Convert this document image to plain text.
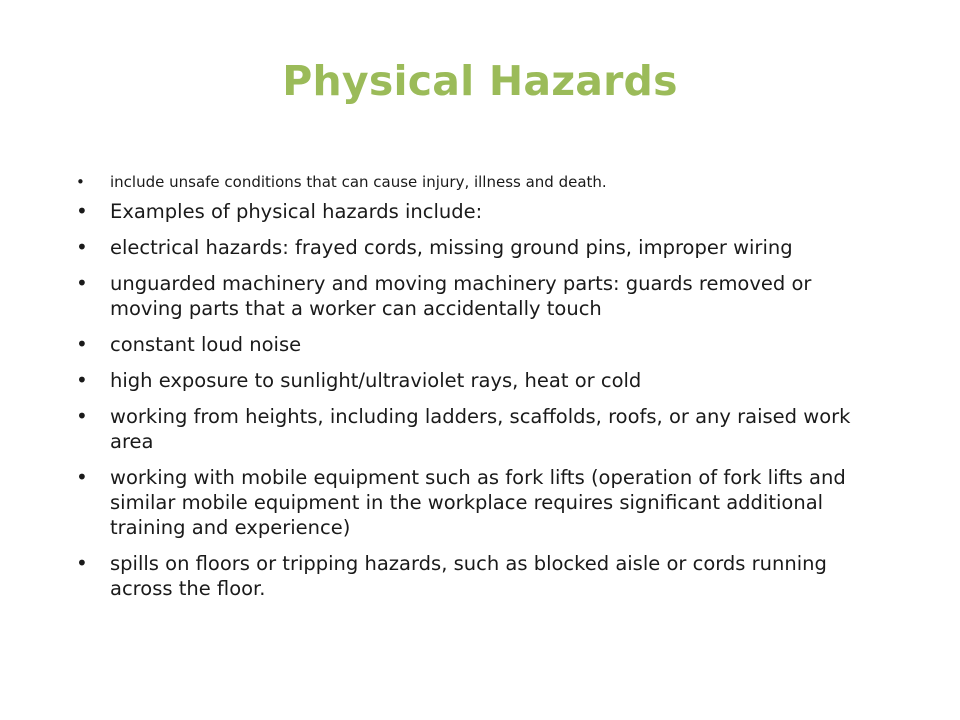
Physical Hazards
• include unsafe conditions that can cause injury, illness and death.
• Examples of physical hazards include:
• electrical hazards: frayed cords, missing ground pins, improper wiring
• unguarded machinery and moving machinery parts: guards removed or moving parts that a worker can accidentally touch
• constant loud noise
• high exposure to sunlight/ultraviolet rays, heat or cold
• working from heights, including ladders, scaffolds, roofs, or any raised work area
• working with mobile equipment such as fork lifts (operation of fork lifts and similar mobile equipment in the workplace requires significant additional training and experience)
• spills on floors or tripping hazards, such as blocked aisle or cords running across the floor.
